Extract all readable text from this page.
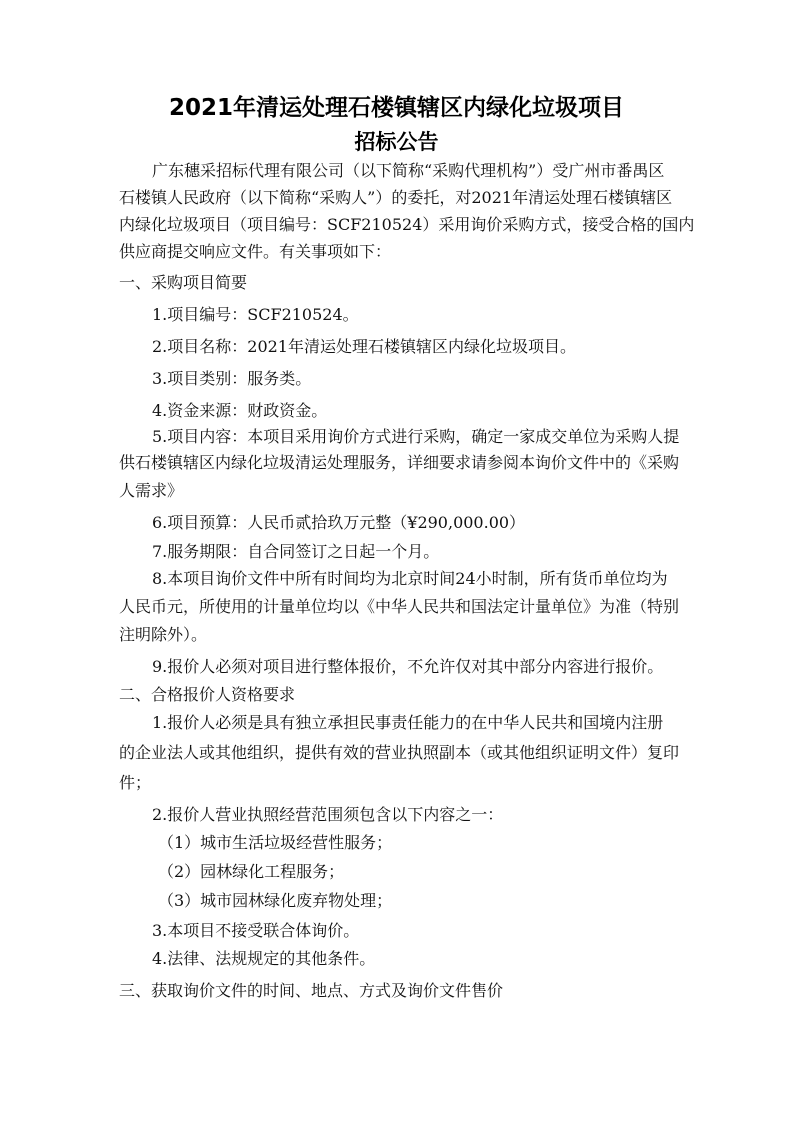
2021年清运处理石楼镇辖区内绿化垃圾项目
招标公告
广东穗采招标代理有限公司（以下简称“采购代理机构”）受广州市番禺区
石楼镇人民政府（以下简称“采购人”）的委托，对2021年清运处理石楼镇辖区
内绿化垃圾项目（项目编号：SCF210524）采用询价采购方式，接受合格的国内
供应商提交响应文件。有关事项如下：
一、采购项目简要
1.项目编号：SCF210524。
2.项目名称：2021年清运处理石楼镇辖区内绿化垃圾项目。
3.项目类别：服务类。
4.资金来源：财政资金。
5.项目内容：本项目采用询价方式进行采购，确定一家成交单位为采购人提
供石楼镇辖区内绿化垃圾清运处理服务，详细要求请参阅本询价文件中的《采购
人需求》
6.项目预算：人民币贰拾玖万元整（¥290,000.00）
7.服务期限：自合同签订之日起一个月。
8.本项目询价文件中所有时间均为北京时间24小时制，所有货币单位均为
人民币元，所使用的计量单位均以《中华人民共和国法定计量单位》为准（特别
注明除外）。
9.报价人必须对项目进行整体报价，不允许仅对其中部分内容进行报价。
二、合格报价人资格要求
1.报价人必须是具有独立承担民事责任能力的在中华人民共和国境内注册
的企业法人或其他组织，提供有效的营业执照副本（或其他组织证明文件）复印
件；
2.报价人营业执照经营范围须包含以下内容之一：
（1）城市生活垃圾经营性服务；
（2）园林绿化工程服务；
（3）城市园林绿化废弃物处理；
3.本项目不接受联合体询价。
4.法律、法规规定的其他条件。
三、获取询价文件的时间、地点、方式及询价文件售价
